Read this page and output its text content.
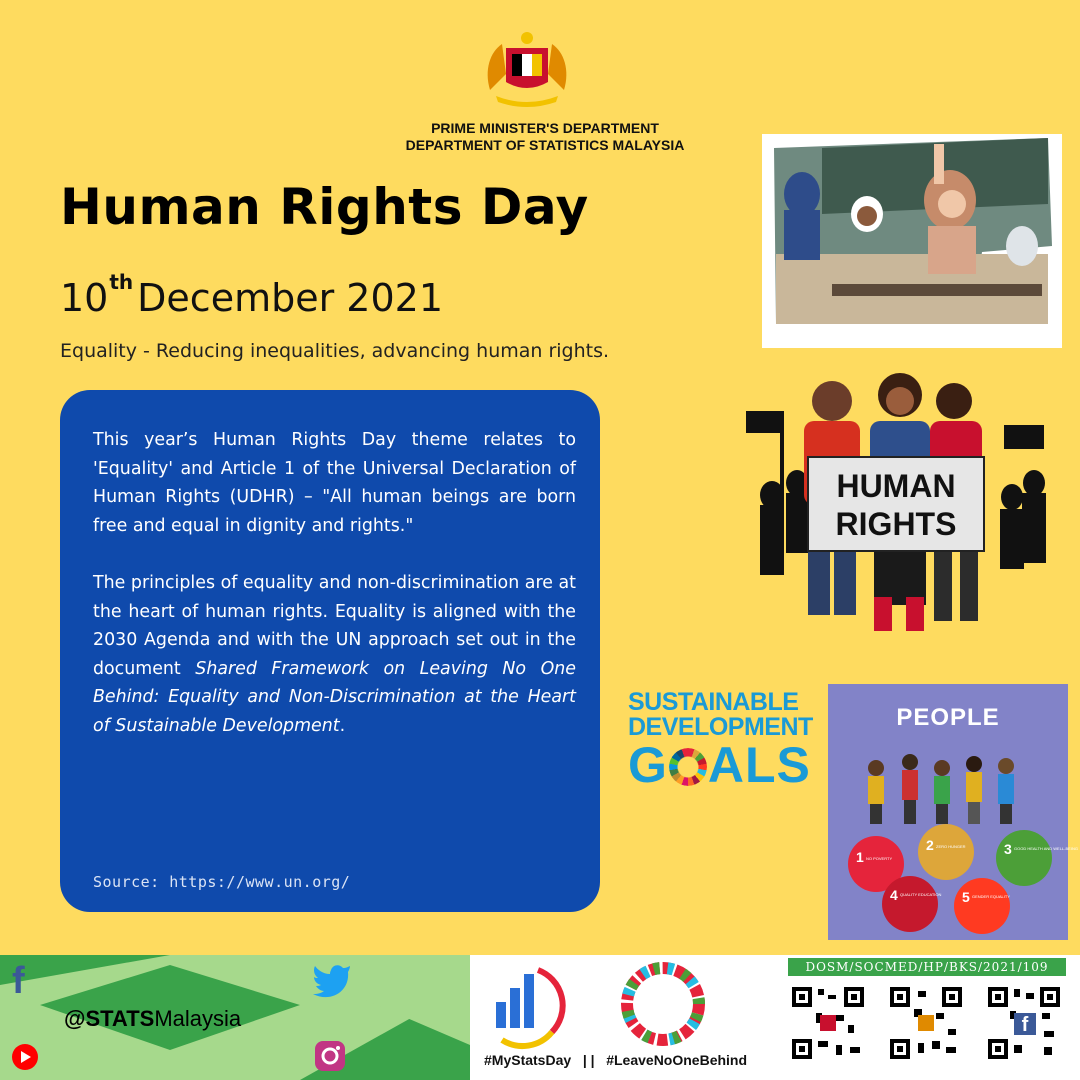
PRIME MINISTER'S DEPARTMENT
DEPARTMENT OF STATISTICS MALAYSIA
Human Rights Day
10th December 2021
Equality - Reducing inequalities, advancing human rights.

This year’s Human Rights Day theme relates to 'Equality' and Article 1 of the Universal Declaration of Human Rights (UDHR) – "All human beings are born free and equal in dignity and rights."

The principles of equality and non-discrimination are at the heart of human rights. Equality is aligned with the 2030 Agenda and with the UN approach set out in the document Shared Framework on Leaving No One Behind: Equality and Non-Discrimination at the Heart of Sustainable Development.

Source: https://www.un.org/
HUMAN
RIGHTS
SUSTAINABLE
DEVELOPMENT
G ALS
PEOPLE
1 NO POVERTY
2 ZERO HUNGER	3 GOOD HEALTH AND WELL-BEING
4 QUALITY EDUCATION 5 GENDER EQUALITY
f
@STATSMalaysia
#MyStatsDay   | |   #LeaveNoOneBehind
DOSM/SOCMED/HP/BKS/2021/109
f
